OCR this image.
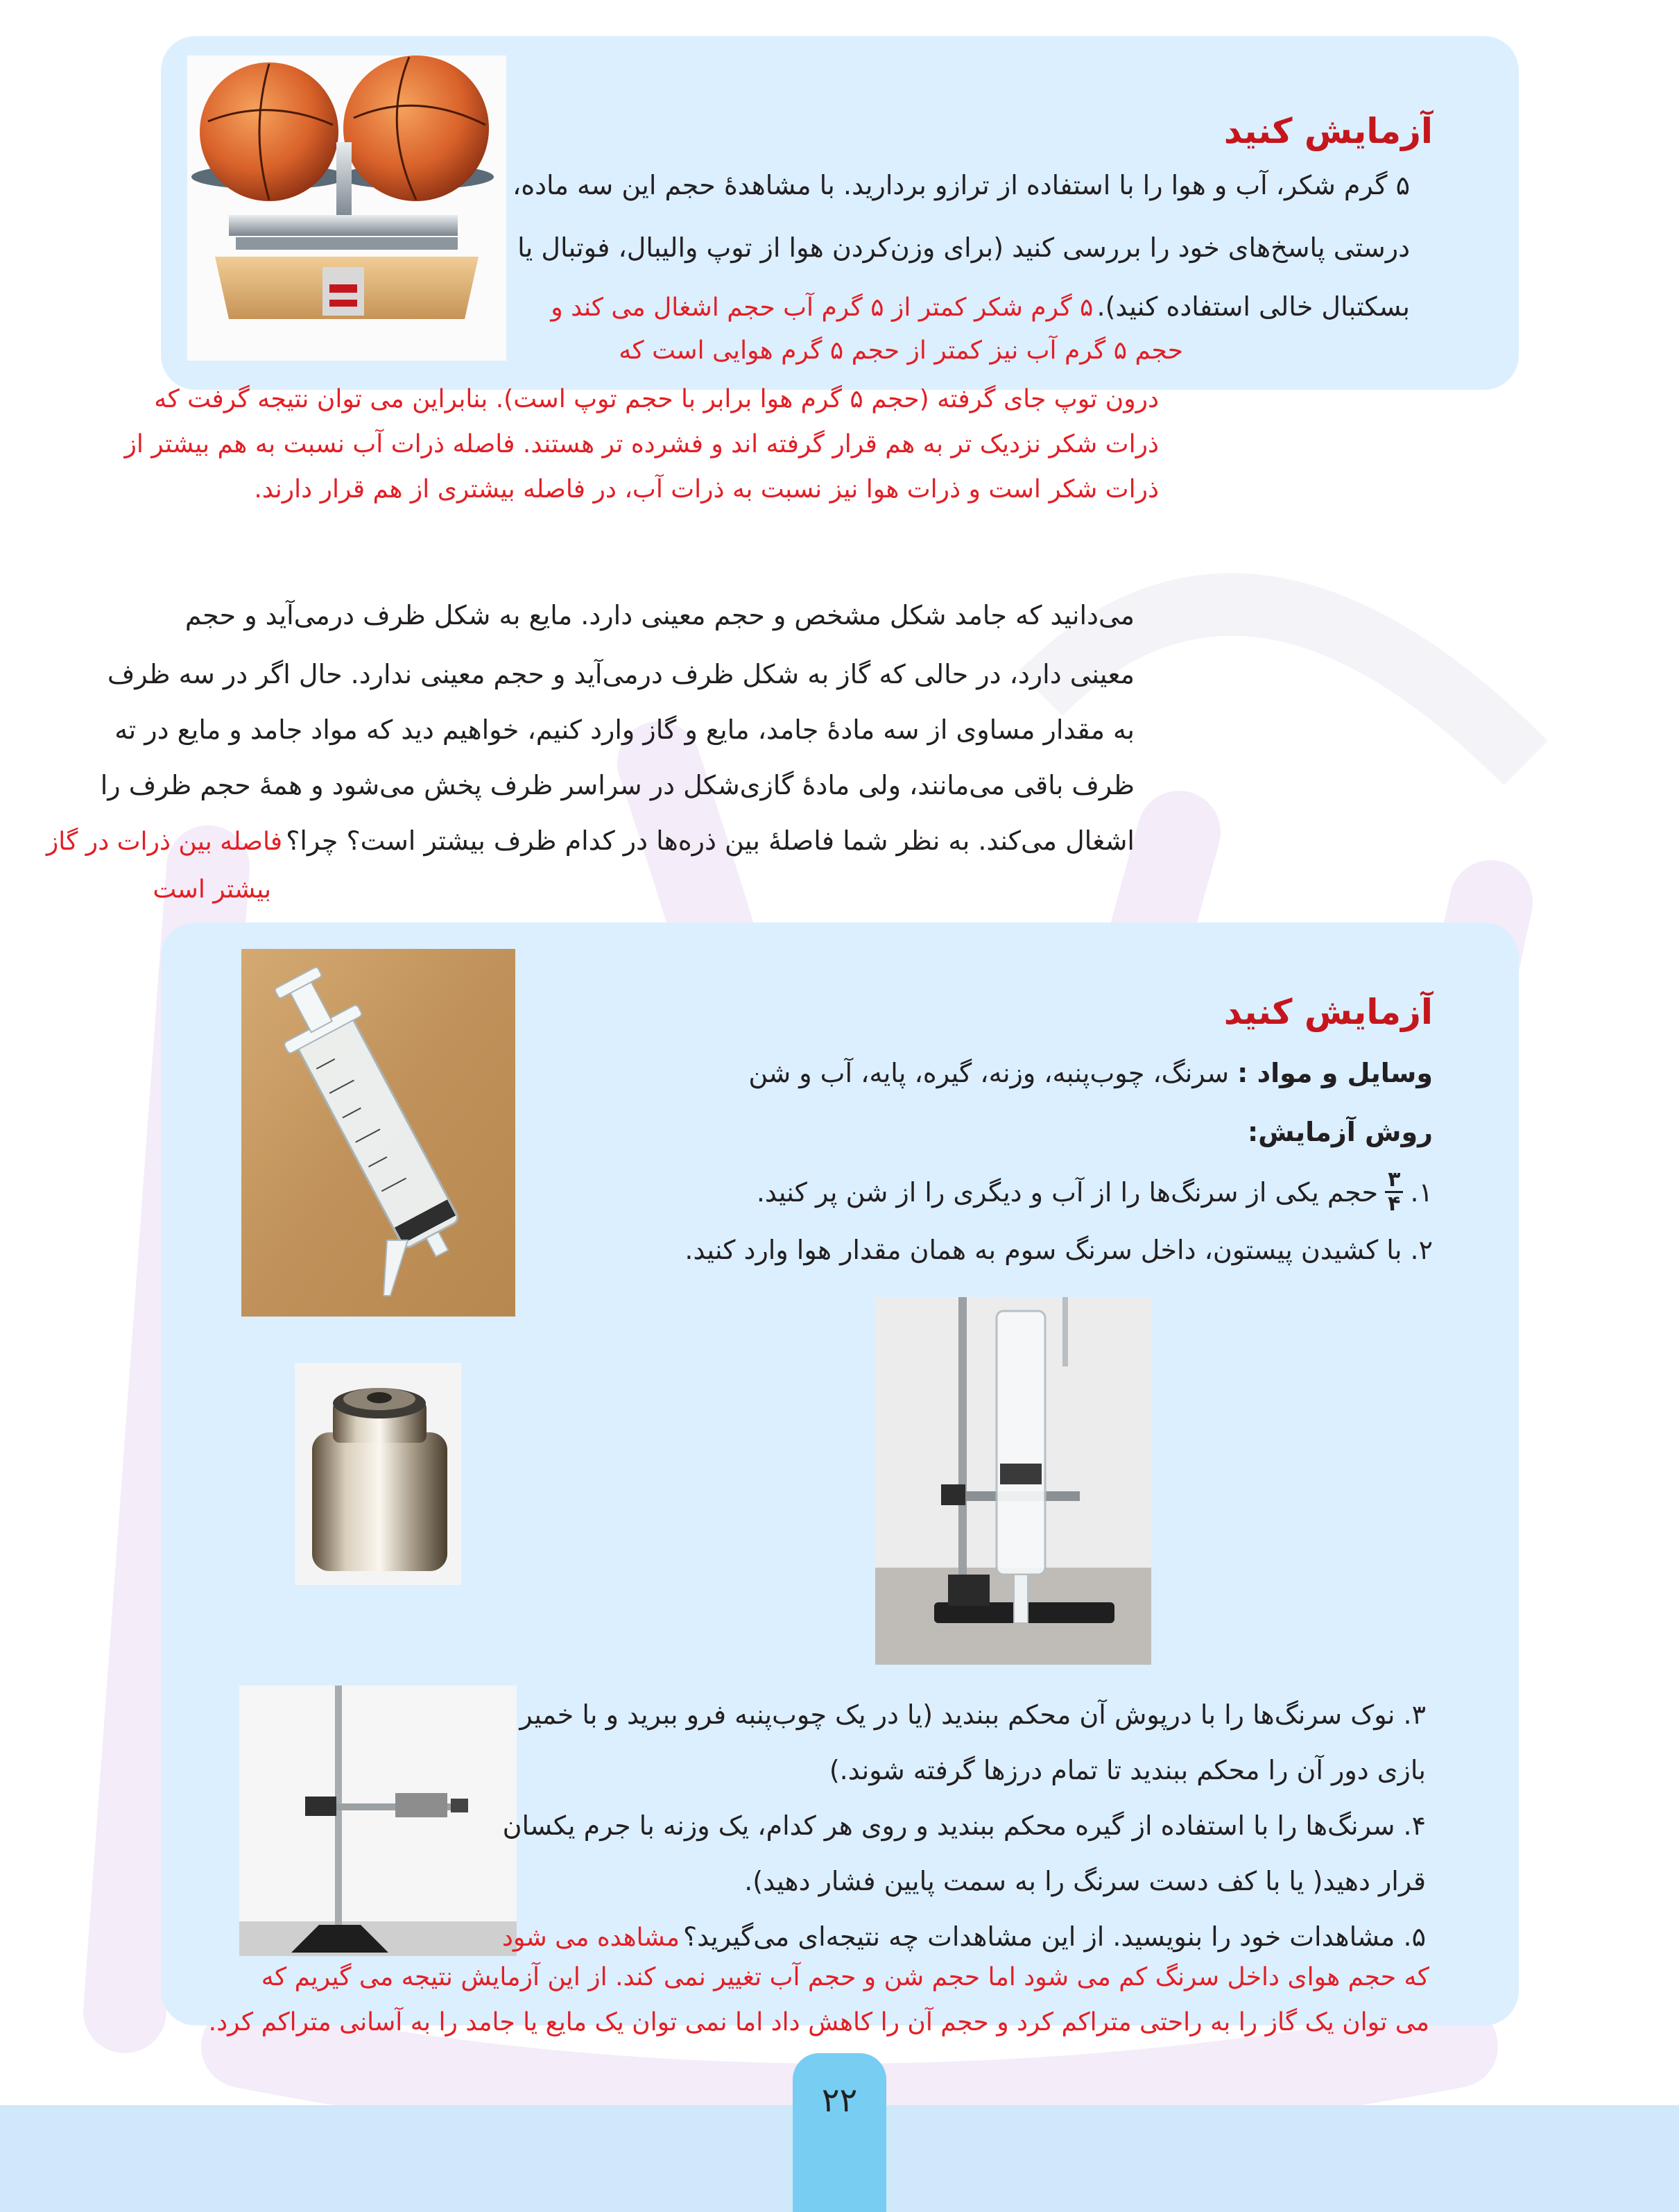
۲۲
آزمایش کنید
۵ گرم شکر، آب و هوا را با استفاده از ترازو بردارید. با مشاهدۀ حجم این سه ماده،
درستی پاسخ‌های خود را بررسی کنید (برای وزن‌کردن هوا از توپ والیبال، فوتبال یا
بسکتبال خالی استفاده کنید). ۵ گرم شکر کمتر از ۵ گرم آب حجم اشغال می کند و
حجم ۵ گرم آب نیز کمتر از حجم ۵ گرم هوایی است که
درون توپ جای گرفته (حجم ۵ گرم هوا برابر با حجم توپ است). بنابراین می توان نتیجه گرفت که
ذرات شکر نزدیک تر به هم قرار گرفته اند و فشرده تر هستند. فاصله ذرات آب نسبت به هم بیشتر از
ذرات شکر است و ذرات هوا نیز نسبت به ذرات آب، در فاصله بیشتری از هم قرار دارند.
می‌دانید که جامد شکل مشخص و حجم معینی دارد. مایع به شکل ظرف درمی‌آید و حجم
معینی دارد، در حالی که گاز به شکل ظرف درمی‌آید و حجم معینی ندارد. حال اگر در سه ظرف
به مقدار مساوی از سه مادۀ جامد، مایع و گاز وارد کنیم، خواهیم دید که مواد جامد و مایع در ته
ظرف باقی می‌مانند، ولی مادۀ گازی‌شکل در سراسر ظرف پخش می‌شود و همۀ حجم ظرف را
اشغال می‌کند. به نظر شما فاصلۀ بین ذره‌ها در کدام ظرف بیشتر است؟ چرا؟ فاصله بین ذرات در گاز
بیشتر است
آزمایش کنید
وسایل و مواد : سرنگ، چوب‌پنبه، وزنه، گیره، پایه، آب و شن
روش آزمایش:
۱.
۳
۴
حجم یکی از سرنگ‌ها را از آب و دیگری را از شن پر کنید.
۲. با کشیدن پیستون، داخل سرنگ سوم به همان مقدار هوا وارد کنید.
۳. نوک سرنگ‌ها را با درپوش آن محکم ببندید (یا در یک چوب‌پنبه فرو ببرید و با خمیر
بازی دور آن را محکم ببندید تا تمام درزها گرفته شوند.)
۴. سرنگ‌ها را با استفاده از گیره محکم ببندید و روی هر کدام، یک وزنه با جرم یکسان
قرار دهید( یا با کف دست سرنگ را به سمت پایین فشار دهید).
۵. مشاهدات خود را بنویسید. از این مشاهدات چه نتیجه‌ای می‌گیرید؟ مشاهده می شود
که حجم هوای داخل سرنگ کم می شود اما حجم شن و حجم آب تغییر نمی کند. از این آزمایش نتیجه می گیریم که
می توان یک گاز را به راحتی متراکم کرد و حجم آن را کاهش داد اما نمی توان یک مایع یا جامد را به آسانی متراکم کرد.
